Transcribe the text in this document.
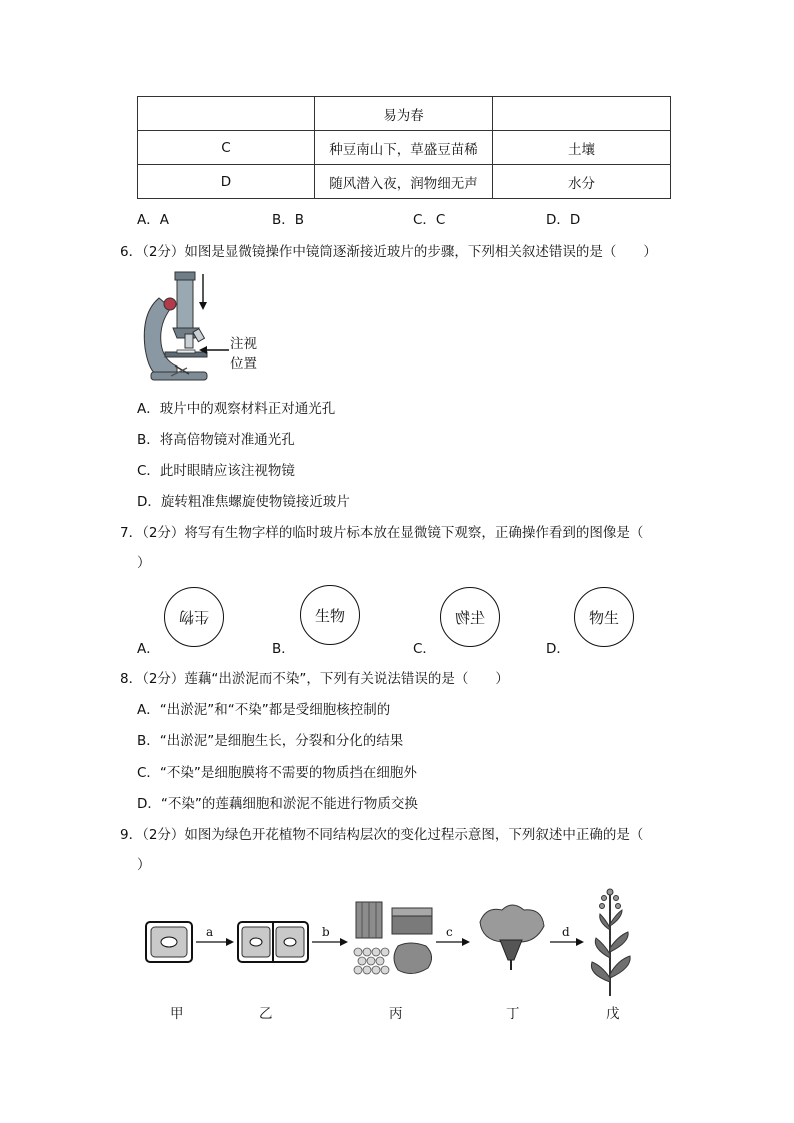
	易为春	
C	种豆南山下，草盛豆苗稀	土壤
D	随风潜入夜，润物细无声	水分
A．A	B．B	C．C	D．D
6．（2分）如图是显微镜操作中镜筒逐渐接近玻片的步骤，下列相关叙述错误的是（　　）
注视
位置
A．玻片中的观察材料正对通光孔
B．将高倍物镜对准通光孔
C．此时眼睛应该注视物镜
D．旋转粗准焦螺旋使物镜接近玻片
7．（2分）将写有生物字样的临时玻片标本放在显微镜下观察，正确操作看到的图像是（
）
A．
生物
B．
生物
C．
生物
D．
物生
8．（2分）莲藕“出淤泥而不染”，下列有关说法错误的是（　　）
A．“出淤泥”和“不染”都是受细胞核控制的
B．“出淤泥”是细胞生长，分裂和分化的结果
C．“不染”是细胞膜将不需要的物质挡在细胞外
D．“不染”的莲藕细胞和淤泥不能进行物质交换
9．（2分）如图为绿色开花植物不同结构层次的变化过程示意图，下列叙述中正确的是（
）
a	b	c	d
甲	乙	丙	丁	戊
